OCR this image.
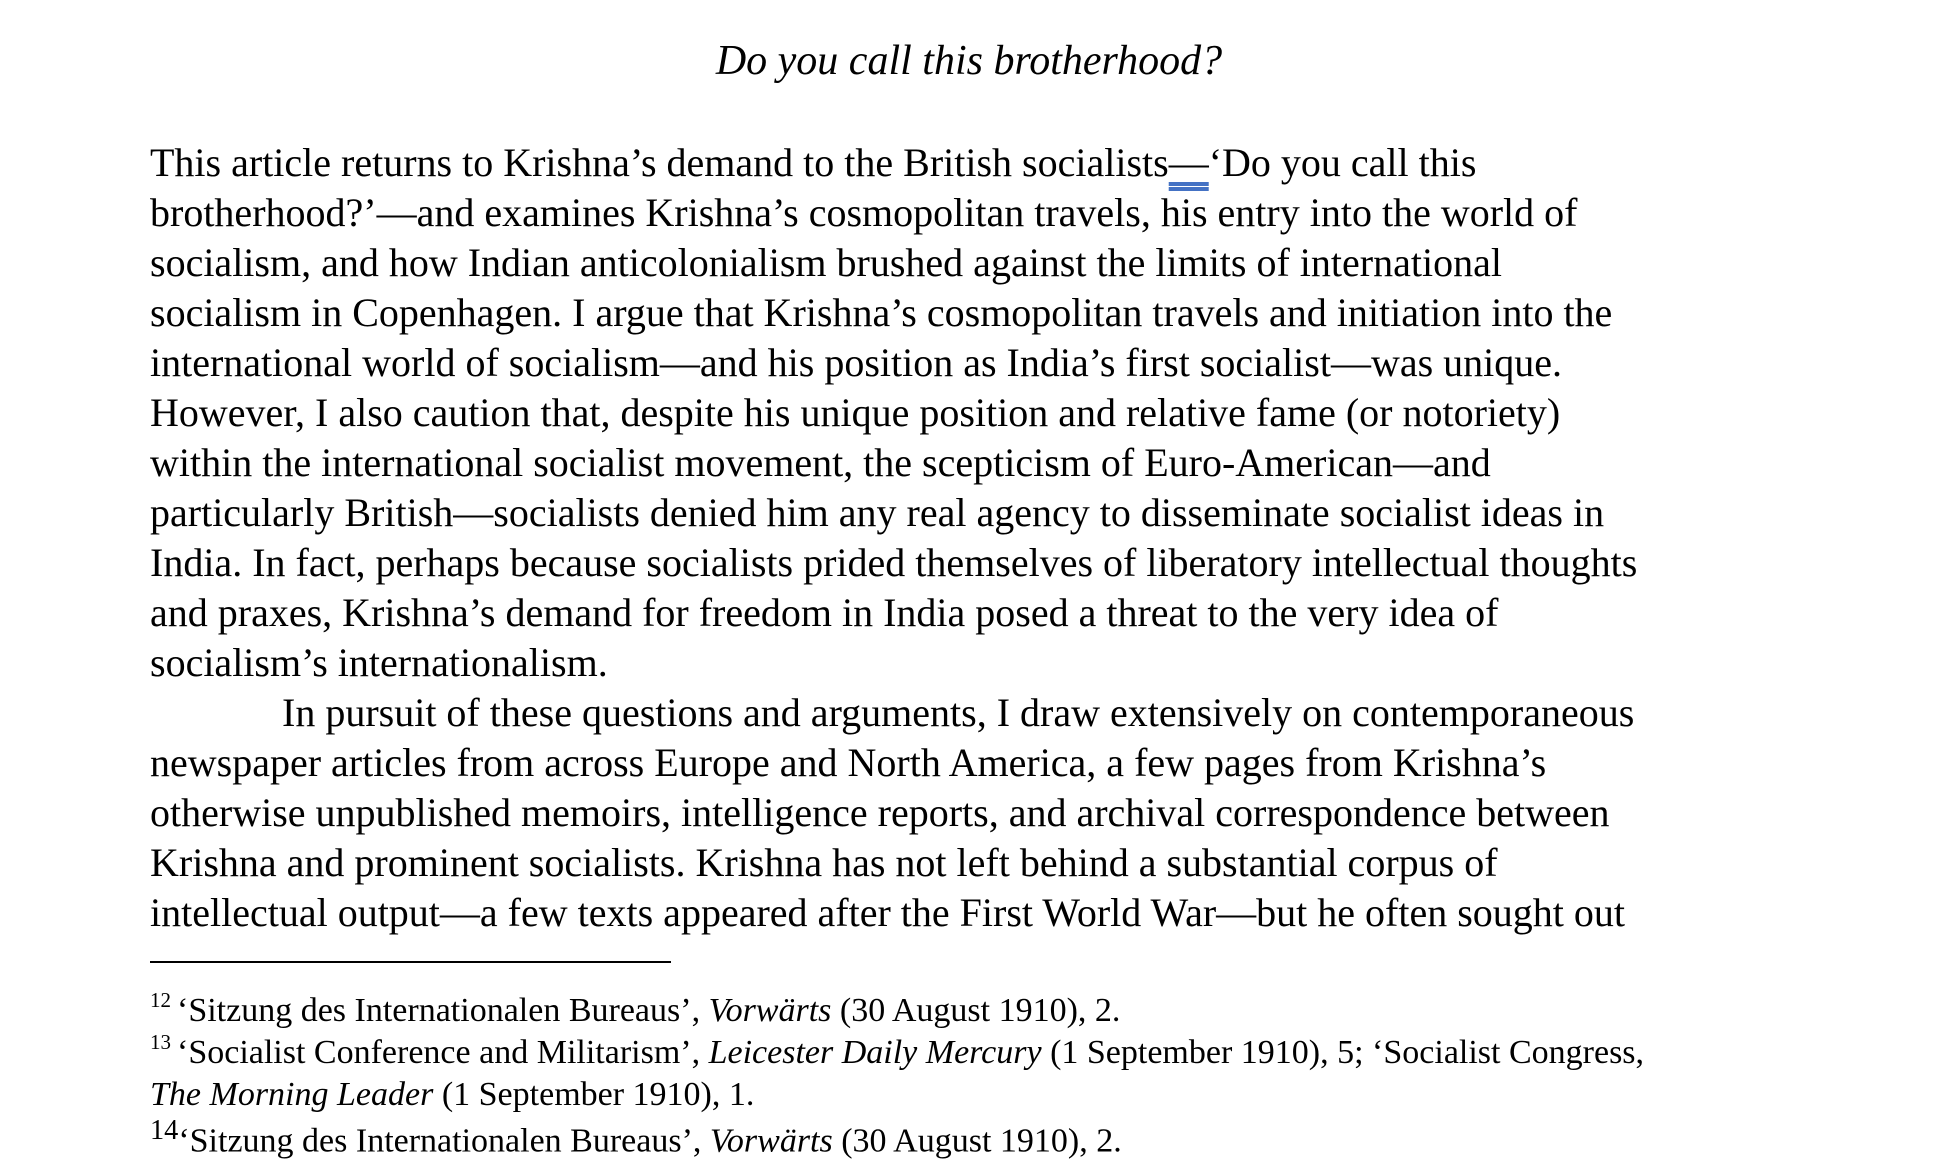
Do you call this brotherhood?
This article returns to Krishna’s demand to the British socialists—‘Do you call this
brotherhood?’—and examines Krishna’s cosmopolitan travels, his entry into the world of
socialism, and how Indian anticolonialism brushed against the limits of international
socialism in Copenhagen. I argue that Krishna’s cosmopolitan travels and initiation into the
international world of socialism—and his position as India’s first socialist—was unique.
However, I also caution that, despite his unique position and relative fame (or notoriety)
within the international socialist movement, the scepticism of Euro-American—and
particularly British—socialists denied him any real agency to disseminate socialist ideas in
India. In fact, perhaps because socialists prided themselves of liberatory intellectual thoughts
and praxes, Krishna’s demand for freedom in India posed a threat to the very idea of
socialism’s internationalism.
In pursuit of these questions and arguments, I draw extensively on contemporaneous
newspaper articles from across Europe and North America, a few pages from Krishna’s
otherwise unpublished memoirs, intelligence reports, and archival correspondence between
Krishna and prominent socialists. Krishna has not left behind a substantial corpus of
intellectual output—a few texts appeared after the First World War—but he often sought out
$^{12}$ ‘Sitzung des Internationalen Bureaus’, Vorwärts (30 August 1910), 2.
$^{13}$ ‘Socialist Conference and Militarism’, Leicester Daily Mercury (1 September 1910), 5; ‘Socialist Congress,
The Morning Leader (1 September 1910), 1.
$^{14}$‘Sitzung des Internationalen Bureaus’, Vorwärts (30 August 1910), 2.
